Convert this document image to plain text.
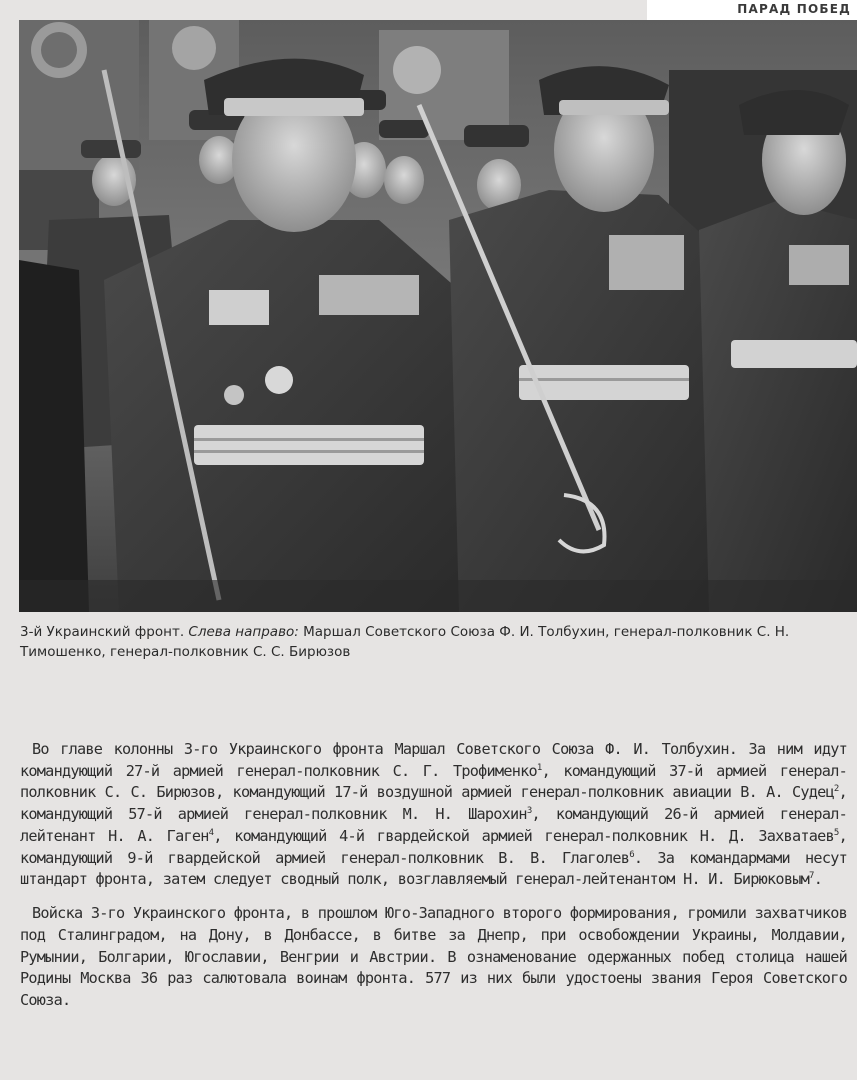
ПАРАД ПОБЕД
3-й Украинский фронт. Слева направо: Маршал Советского Союза Ф. И. Толбухин, генерал-полковник С. Н. Тимошенко, генерал-полковник С. С. Бирюзов

Во главе колонны 3-го Украинского фронта Маршал Советского Союза Ф. И. Толбухин. За ним идут командующий 27-й армией генерал-полковник С. Г. Трофименко$^1$, командующий 37-й армией генерал-полковник С. С. Бирюзов, командующий 17-й воздушной армией генерал-полковник авиации В. А. Судец$^2$, командующий 57-й армией генерал-полковник М. Н. Шарохин$^3$, командующий 26-й армией генерал-лейтенант Н. А. Гаген$^4$, командующий 4-й гвардейской армией генерал-полковник Н. Д. Захватаев$^5$, командующий 9-й гвардейской армией генерал-полковник В. В. Глаголев$^6$. За командармами несут штандарт фронта, затем следует сводный полк, возглавляемый генерал-лейтенантом Н. И. Бирюковым$^7$.

Войска 3-го Украинского фронта, в прошлом Юго-Западного второго формирования, громили захватчиков под Сталинградом, на Дону, в Донбассе, в битве за Днепр, при освобождении Украины, Молдавии, Румынии, Болгарии, Югославии, Венгрии и Австрии. В ознаменование одержанных побед столица нашей Родины Москва 36 раз салютовала воинам фронта. 577 из них были удостоены звания Героя Советского Союза.
